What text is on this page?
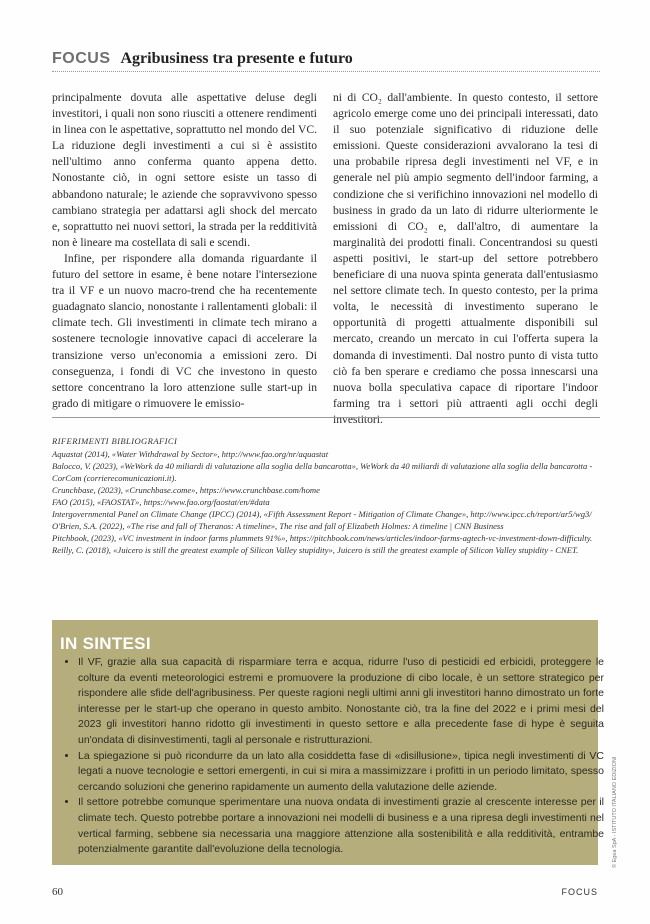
FOCUS Agribusiness tra presente e futuro

principalmente dovuta alle aspettative deluse degli investitori, i quali non sono riusciti a ottenere rendimenti in linea con le aspettative, soprattutto nel mondo del VC. La riduzione degli investimenti a cui si è assistito nell'ultimo anno conferma quanto appena detto. Nonostante ciò, in ogni settore esiste un tasso di abbandono naturale; le aziende che sopravvivono spesso cambiano strategia per adattarsi agli shock del mercato e, soprattutto nei nuovi settori, la strada per la redditività non è lineare ma costellata di sali e scendi.

Infine, per rispondere alla domanda riguardante il futuro del settore in esame, è bene notare l'intersezione tra il VF e un nuovo macro-trend che ha recentemente guadagnato slancio, nonostante i rallentamenti globali: il climate tech. Gli investimenti in climate tech mirano a sostenere tecnologie innovative capaci di accelerare la transizione verso un'economia a emissioni zero. Di conseguenza, i fondi di VC che investono in questo settore concentrano la loro attenzione sulle start-up in grado di mitigare o rimuovere le emissio-

ni di CO₂ dall'ambiente. In questo contesto, il settore agricolo emerge come uno dei principali interessati, dato il suo potenziale significativo di riduzione delle emissioni. Queste considerazioni avvalorano la tesi di una probabile ripresa degli investimenti nel VF, e in generale nel più ampio segmento dell'indoor farming, a condizione che si verifichino innovazioni nel modello di business in grado da un lato di ridurre ulteriormente le emissioni di CO₂ e, dall'altro, di aumentare la marginalità dei prodotti finali. Concentrandosi su questi aspetti positivi, le start-up del settore potrebbero beneficiare di una nuova spinta generata dall'entusiasmo nel settore climate tech. In questo contesto, per la prima volta, le necessità di investimento superano le opportunità di progetti attualmente disponibili sul mercato, creando un mercato in cui l'offerta supera la domanda di investimenti. Dal nostro punto di vista tutto ciò fa ben sperare e crediamo che possa innescarsi una nuova bolla speculativa capace di riportare l'indoor farming tra i settori più attraenti agli occhi degli investitori.

RIFERIMENTI BIBLIOGRAFICI

Aquastat (2014), «Water Withdrawal by Sector», http://www.fao.org/nr/aquastat

Balocco, V. (2023), «WeWork da 40 miliardi di valutazione alla soglia della bancarotta», WeWork da 40 miliardi di valutazione alla soglia della bancarotta - CorCom (corrierecomunicazioni.it).

Crunchbase, (2023), «Crunchbase.come», https://www.crunchbase.com/home

FAO (2015), «FAOSTAT», https://www.fao.org/faostat/en/#data

Intergovernmental Panel on Climate Change (IPCC) (2014), «Fifth Assessment Report - Mitigation of Climate Change», http://www.ipcc.ch/report/ar5/wg3/

O'Brien, S.A. (2022), «The rise and fall of Theranos: A timeline», The rise and fall of Elizabeth Holmes: A timeline | CNN Business

Pitchbook, (2023), «VC investment in indoor farms plummets 91%», https://pitchbook.com/news/articles/indoor-farms-agtech-vc-investment-down-difficulty.

Reilly, C. (2018), «Juicero is still the greatest example of Silicon Valley stupidity», Juicero is still the greatest example of Silicon Valley stupidity - CNET.

IN SINTESI
• Il VF, grazie alla sua capacità di risparmiare terra e acqua, ridurre l'uso di pesticidi ed erbicidi, proteggere le colture da eventi meteorologici estremi e promuovere la produzione di cibo locale, è un settore strategico per rispondere alle sfide dell'agribusiness. Per queste ragioni negli ultimi anni gli investitori hanno dimostrato un forte interesse per le start-up che operano in questo ambito. Nonostante ciò, tra la fine del 2022 e i primi mesi del 2023 gli investitori hanno ridotto gli investimenti in questo settore e alla precedente fase di hype è seguita un'ondata di disinvestimenti, tagli al personale e ristrutturazioni.
• La spiegazione si può ricondurre da un lato alla cosiddetta fase di «disillusione», tipica negli investimenti di VC legati a nuove tecnologie e settori emergenti, in cui si mira a massimizzare i profitti in un periodo limitato, spesso cercando soluzioni che generino rapidamente un aumento della valutazione delle aziende.
• Il settore potrebbe comunque sperimentare una nuova ondata di investimenti grazie al crescente interesse per il climate tech. Questo potrebbe portare a innovazioni nei modelli di business e a una ripresa degli investimenti nel vertical farming, sebbene sia necessaria una maggiore attenzione alla sostenibilità e alla redditività, entrambe potenzialmente garantite dall'evoluzione della tecnologia.
60	FOCUS
© Egea SpA - ISTITUTO ITALIANO EDIZIONI
